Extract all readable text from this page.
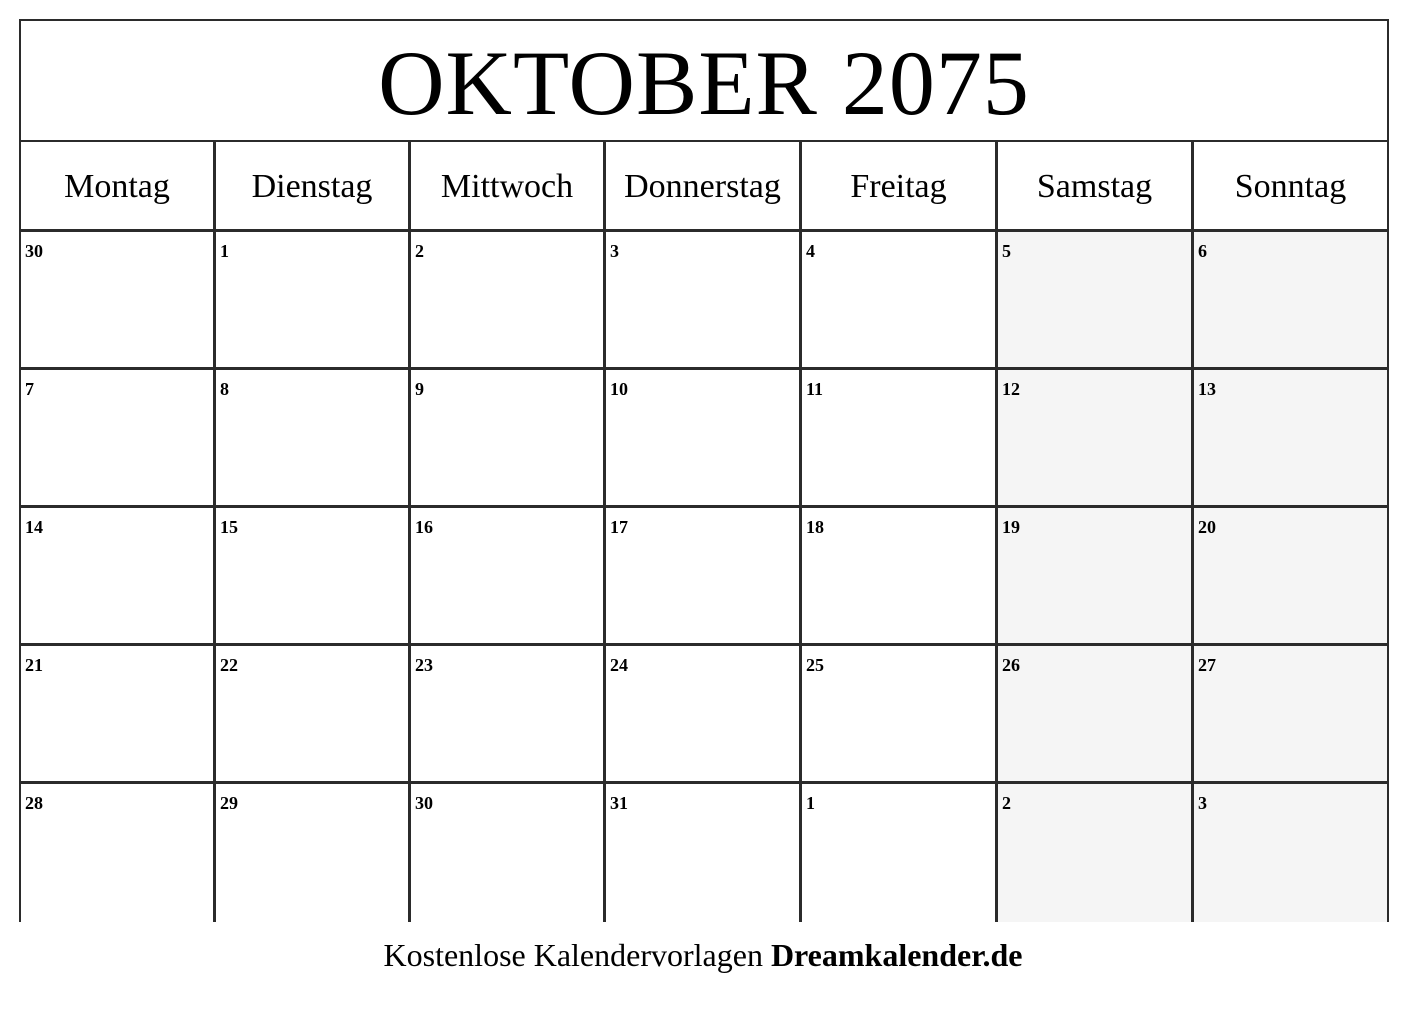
OKTOBER 2075
Montag	Dienstag	Mittwoch	Donnerstag	Freitag	Samstag	Sonntag
30	1	2	3	4	5	6
7	8	9	10	11	12	13
14	15	16	17	18	19	20
21	22	23	24	25	26	27
28	29	30	31	1	2	3
Kostenlose Kalendervorlagen Dreamkalender.de
